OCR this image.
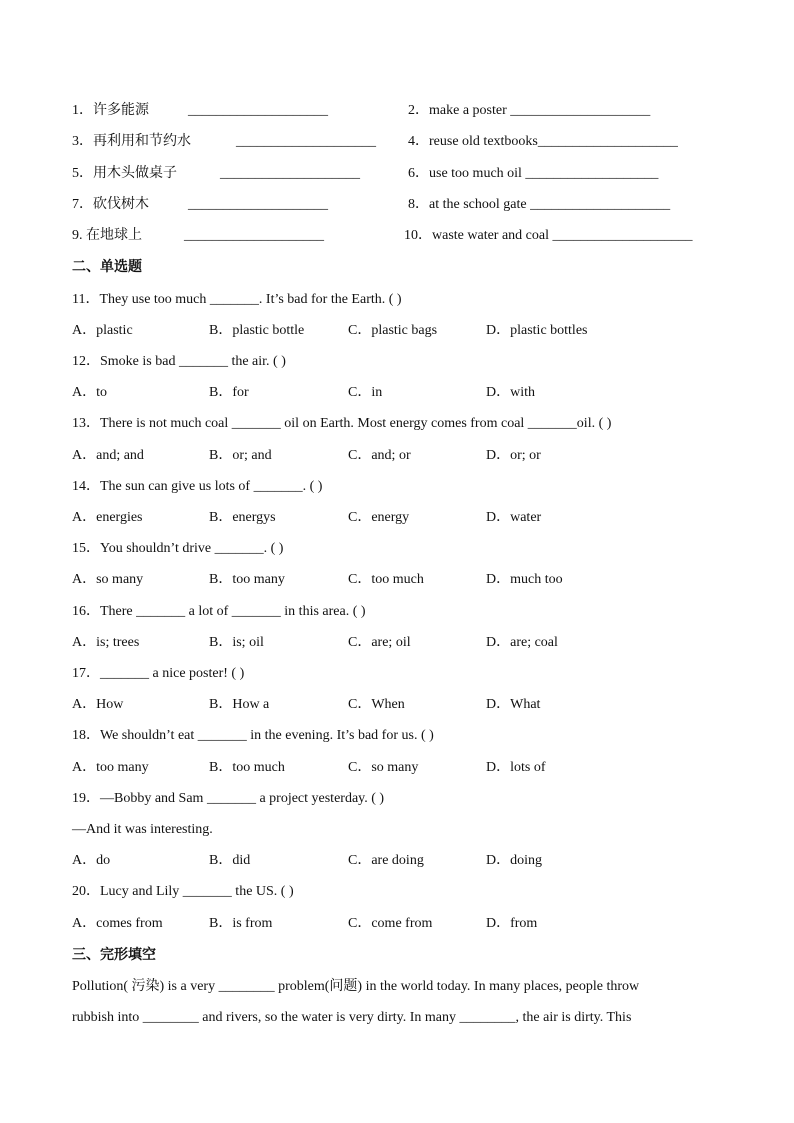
1．许多能源	____________________	2．make a poster ____________________
3．再利用和节约水	____________________	4．reuse old textbooks____________________
5．用木头做桌子	____________________	6．use too much oil ___________________
7．砍伐树木	____________________	8．at the school gate ____________________
9. 在地球上	____________________	10．waste water and coal ____________________
二、单选题
11．They use too much _______. It’s bad for the Earth. ( )
A．plastic	B．plastic bottle	C．plastic bags	D．plastic bottles
12．Smoke is bad _______ the air. ( )
A．to	B．for	C．in	D．with
13．There is not much coal _______ oil on Earth. Most energy comes from coal _______oil. ( )
A．and; and	B．or; and	C．and; or	D．or; or
14．The sun can give us lots of _______. ( )
A．energies	B．energys	C．energy	D．water
15．You shouldn’t drive _______. ( )
A．so many	B．too many	C．too much	D．much too
16．There _______ a lot of _______ in this area. ( )
A．is; trees	B．is; oil	C．are; oil	D．are; coal
17．_______ a nice poster! ( )
A．How	B．How a	C．When	D．What
18．We shouldn’t eat _______ in the evening. It’s bad for us. ( )
A．too many	B．too much	C．so many	D．lots of
19．—Bobby and Sam _______ a project yesterday. ( )
—And it was interesting.
A．do	B．did	C．are doing	D．doing
20．Lucy and Lily _______ the US. ( )
A．comes from	B．is from	C．come from	D．from
三、完形填空
Pollution( 污染) is a very ________ problem(问题) in the world today. In many places, people throw
rubbish into ________ and rivers, so the water is very dirty. In many ________, the air is dirty. This
